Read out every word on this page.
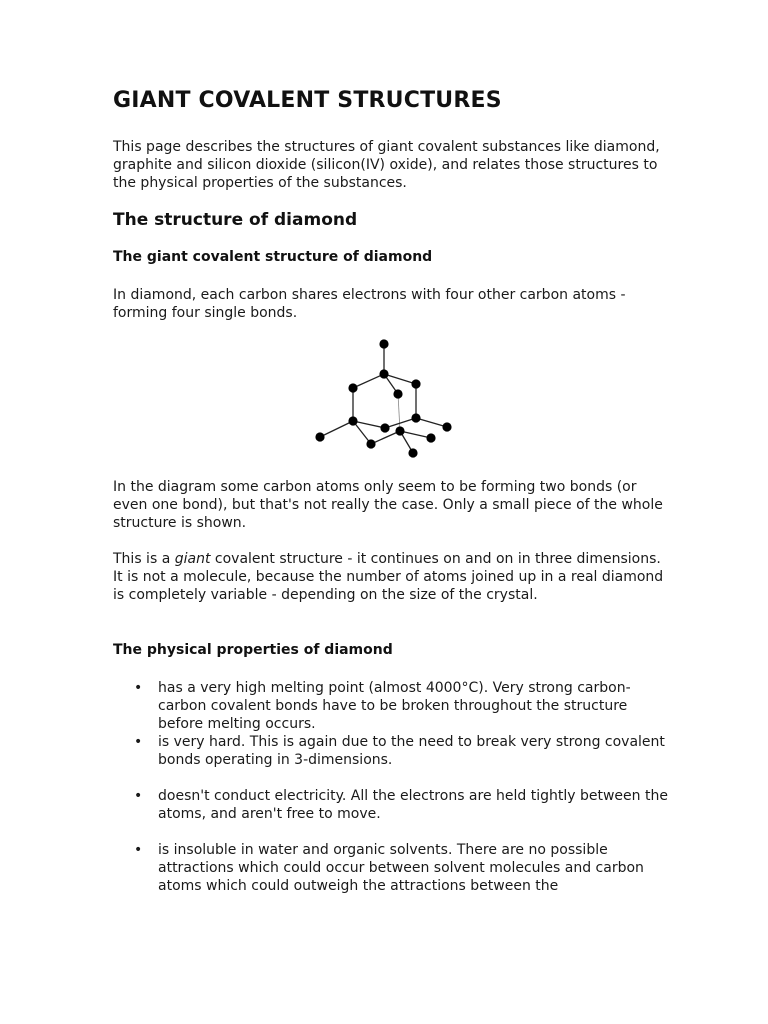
GIANT COVALENT STRUCTURES

This page describes the structures of giant covalent substances like diamond, graphite and silicon dioxide (silicon(IV) oxide), and relates those structures to the physical properties of the substances.

The structure of diamond
The giant covalent structure of diamond

In diamond, each carbon shares electrons with four other carbon atoms - forming four single bonds.

In the diagram some carbon atoms only seem to be forming two bonds (or even one bond), but that's not really the case. Only a small piece of the whole structure is shown.

This is a giant covalent structure - it continues on and on in three dimensions. It is not a molecule, because the number of atoms joined up in a real diamond is completely variable - depending on the size of the crystal.

The physical properties of diamond
• has a very high melting point (almost 4000°C). Very strong carbon-carbon covalent bonds have to be broken throughout the structure before melting occurs.
• is very hard. This is again due to the need to break very strong covalent bonds operating in 3-dimensions.
• doesn't conduct electricity. All the electrons are held tightly between the atoms, and aren't free to move.
• is insoluble in water and organic solvents. There are no possible attractions which could occur between solvent molecules and carbon atoms which could outweigh the attractions between the
